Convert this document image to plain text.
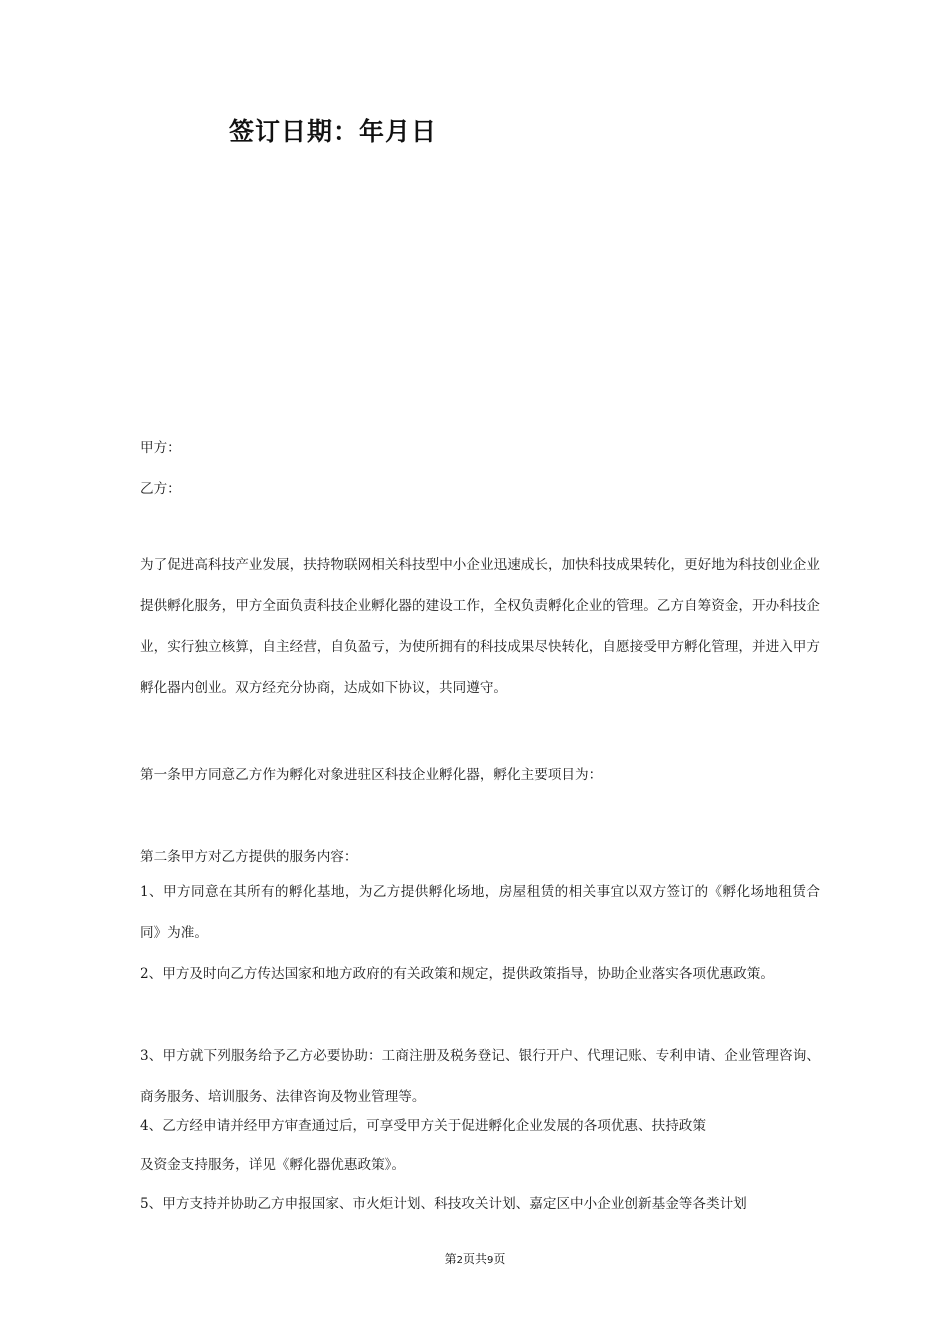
签订日期：年月日
甲方：
乙方：
为了促进高科技产业发展，扶持物联网相关科技型中小企业迅速成长，加快科技成果转化，更好地为科技创业企业提供孵化服务，甲方全面负责科技企业孵化器的建设工作，全权负责孵化企业的管理。乙方自筹资金，开办科技企业，实行独立核算，自主经营，自负盈亏，为使所拥有的科技成果尽快转化，自愿接受甲方孵化管理，并进入甲方孵化器内创业。双方经充分协商，达成如下协议，共同遵守。
第一条甲方同意乙方作为孵化对象进驻区科技企业孵化器，孵化主要项目为：
第二条甲方对乙方提供的服务内容：
1、甲方同意在其所有的孵化基地，为乙方提供孵化场地，房屋租赁的相关事宜以双方签订的《孵化场地租赁合同》为准。
2、甲方及时向乙方传达国家和地方政府的有关政策和规定，提供政策指导，协助企业落实各项优惠政策。
3、甲方就下列服务给予乙方必要协助：工商注册及税务登记、银行开户、代理记账、专利申请、企业管理咨询、商务服务、培训服务、法律咨询及物业管理等。
4、乙方经申请并经甲方审查通过后，可享受甲方关于促进孵化企业发展的各项优惠、扶持政策
及资金支持服务，详见《孵化器优惠政策》。
5、甲方支持并协助乙方申报国家、市火炬计划、科技攻关计划、嘉定区中小企业创新基金等各类计划
第2页共9页
